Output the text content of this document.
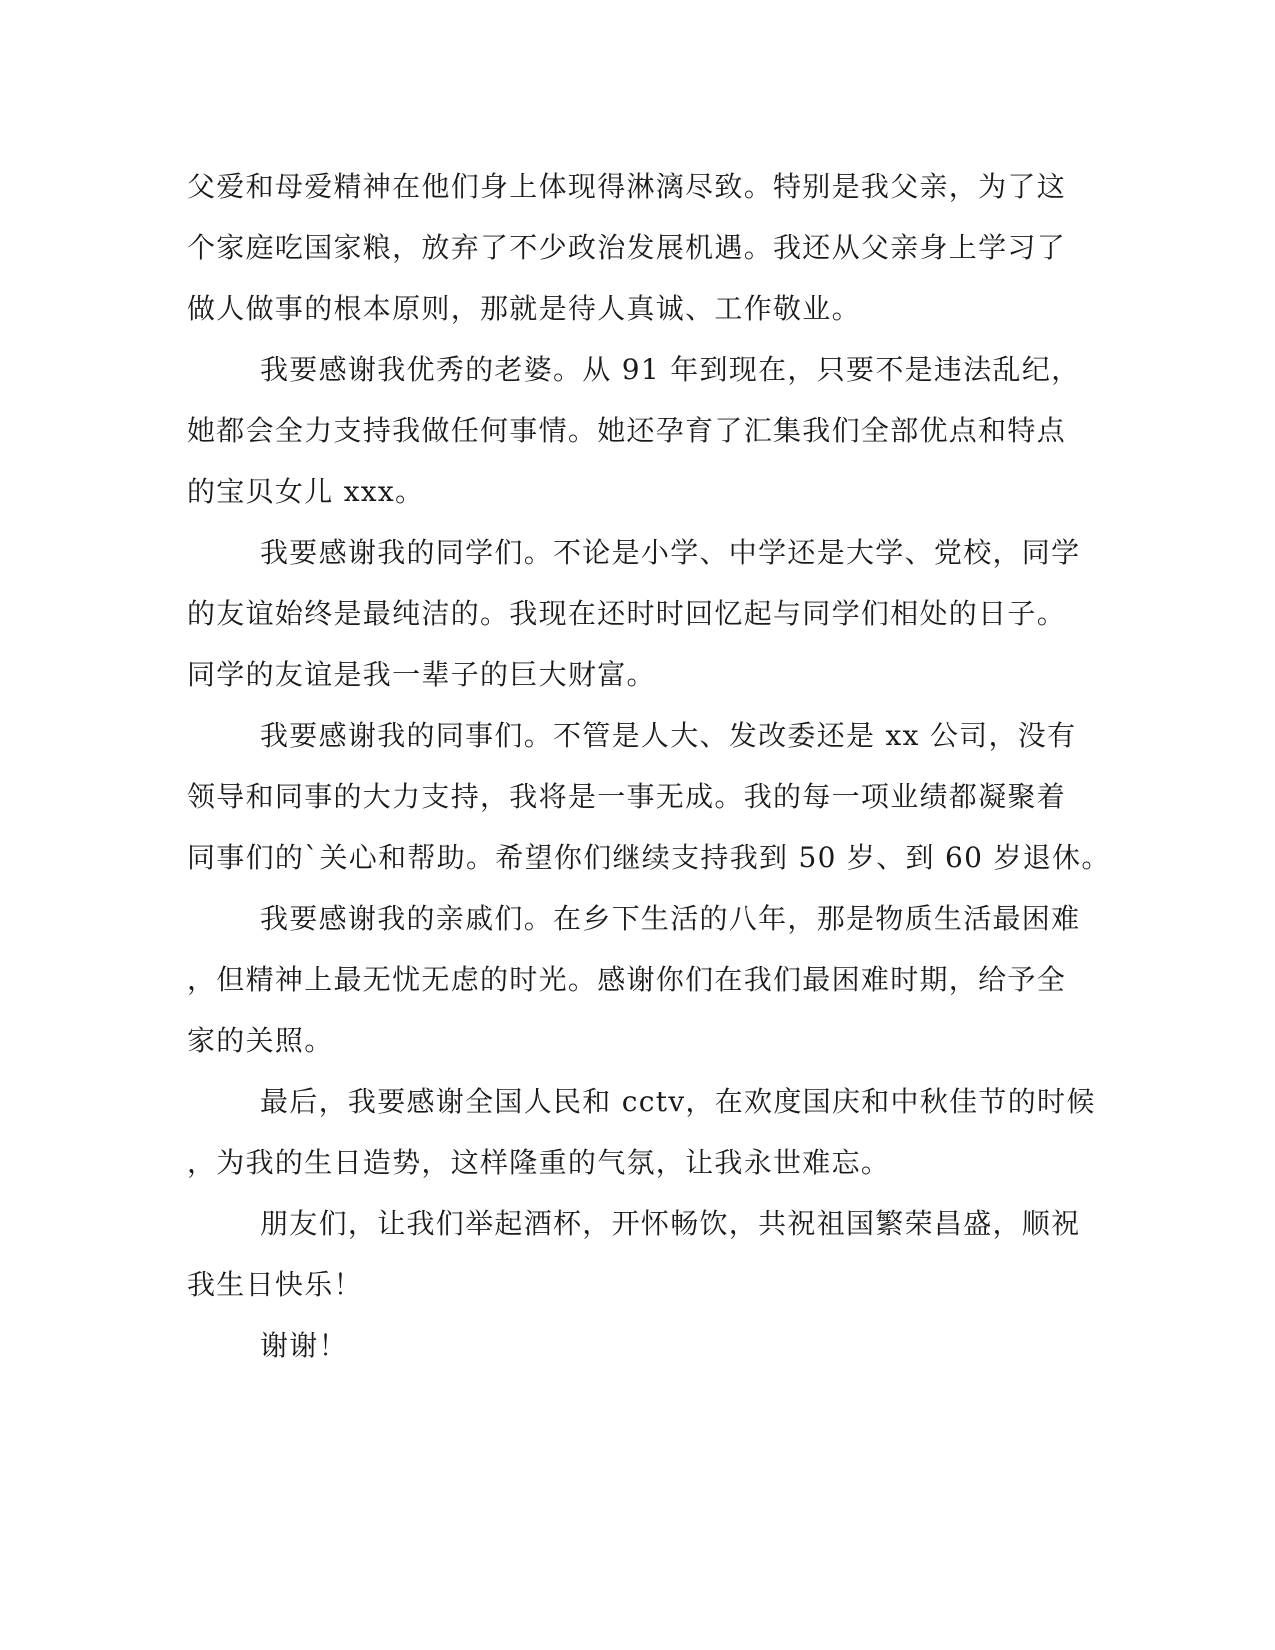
父爱和母爱精神在他们身上体现得淋漓尽致。特别是我父亲，为了这
个家庭吃国家粮，放弃了不少政治发展机遇。我还从父亲身上学习了
做人做事的根本原则，那就是待人真诚、工作敬业。
我要感谢我优秀的老婆。从 91 年到现在，只要不是违法乱纪，
她都会全力支持我做任何事情。她还孕育了汇集我们全部优点和特点
的宝贝女儿 xxx。
我要感谢我的同学们。不论是小学、中学还是大学、党校，同学
的友谊始终是最纯洁的。我现在还时时回忆起与同学们相处的日子。
同学的友谊是我一辈子的巨大财富。
我要感谢我的同事们。不管是人大、发改委还是 xx 公司，没有
领导和同事的大力支持，我将是一事无成。我的每一项业绩都凝聚着
同事们的`关心和帮助。希望你们继续支持我到 50 岁、到 60 岁退休。
我要感谢我的亲戚们。在乡下生活的八年，那是物质生活最困难
，但精神上最无忧无虑的时光。感谢你们在我们最困难时期，给予全
家的关照。
最后，我要感谢全国人民和 cctv，在欢度国庆和中秋佳节的时候
，为我的生日造势，这样隆重的气氛，让我永世难忘。
朋友们，让我们举起酒杯，开怀畅饮，共祝祖国繁荣昌盛，顺祝
我生日快乐！
谢谢！
